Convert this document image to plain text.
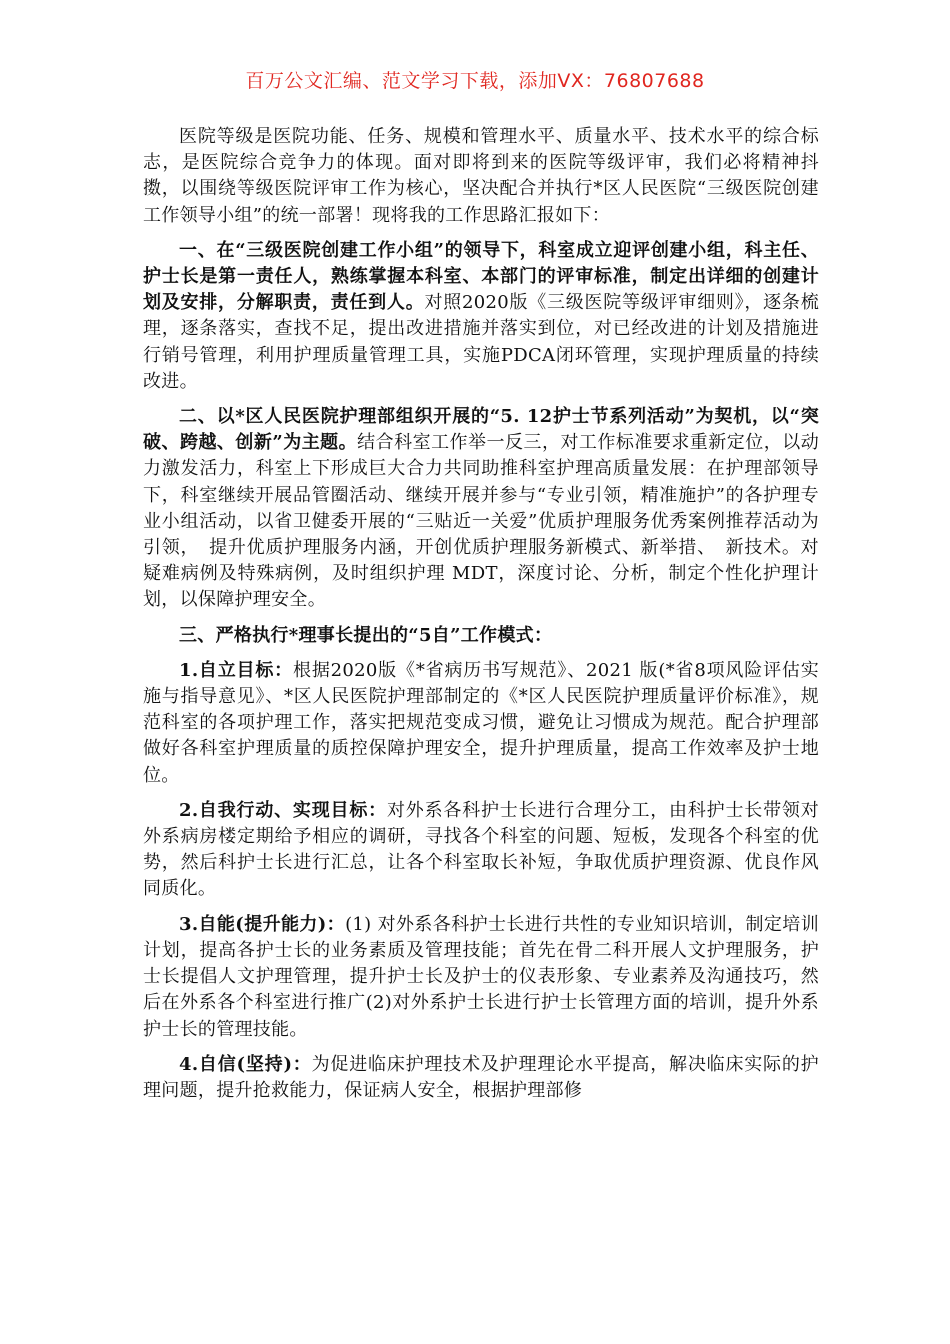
百万公文汇编、范文学习下载，添加VX：76807688

医院等级是医院功能、任务、规模和管理水平、质量水平、技术水平的综合标志，是医院综合竞争力的体现。面对即将到来的医院等级评审，我们必将精神抖擞，以围绕等级医院评审工作为核心，坚决配合并执行*区人民医院“三级医院创建工作领导小组”的统一部署！现将我的工作思路汇报如下：

一、在“三级医院创建工作小组”的领导下，科室成立迎评创建小组，科主任、护士长是第一责任人，熟练掌握本科室、本部门的评审标准，制定出详细的创建计划及安排，分解职责，责任到人。对照2020版《三级医院等级评审细则》，逐条梳理，逐条落实，查找不足，提出改进措施并落实到位，对已经改进的计划及措施进行销号管理，利用护理质量管理工具，实施PDCA闭环管理，实现护理质量的持续改进。

二、以*区人民医院护理部组织开展的“5. 12护士节系列活动”为契机，以“突破、跨越、创新”为主题。结合科室工作举一反三，对工作标准要求重新定位，以动力激发活力，科室上下形成巨大合力共同助推科室护理高质量发展：在护理部领导下，科室继续开展品管圈活动、继续开展并参与“专业引领，精准施护”的各护理专业小组活动，以省卫健委开展的“三贴近一关爱”优质护理服务优秀案例推荐活动为引领，　提升优质护理服务内涵，开创优质护理服务新模式、新举措、　新技术。对疑难病例及特殊病例，及时组织护理 MDT，深度讨论、分析，制定个性化护理计划，以保障护理安全。

三、严格执行*理事长提出的“5自”工作模式：

1.自立目标：根据2020版《*省病历书写规范》、2021 版(*省8项风险评估实施与指导意见》、*区人民医院护理部制定的《*区人民医院护理质量评价标准》，规范科室的各项护理工作，落实把规范变成习惯，避免让习惯成为规范。配合护理部做好各科室护理质量的质控保障护理安全，提升护理质量，提高工作效率及护士地位。

2.自我行动、实现目标：对外系各科护士长进行合理分工，由科护士长带领对外系病房楼定期给予相应的调研，寻找各个科室的问题、短板，发现各个科室的优势，然后科护士长进行汇总，让各个科室取长补短，争取优质护理资源、优良作风同质化。

3.自能(提升能力)：(1) 对外系各科护士长进行共性的专业知识培训，制定培训计划，提高各护士长的业务素质及管理技能；首先在骨二科开展人文护理服务，护士长提倡人文护理管理，提升护士长及护士的仪表形象、专业素养及沟通技巧，然后在外系各个科室进行推广(2)对外系护士长进行护士长管理方面的培训，提升外系护士长的管理技能。

4.自信(坚持)：为促进临床护理技术及护理理论水平提高，解决临床实际的护理问题，提升抢救能力，保证病人安全，根据护理部修
